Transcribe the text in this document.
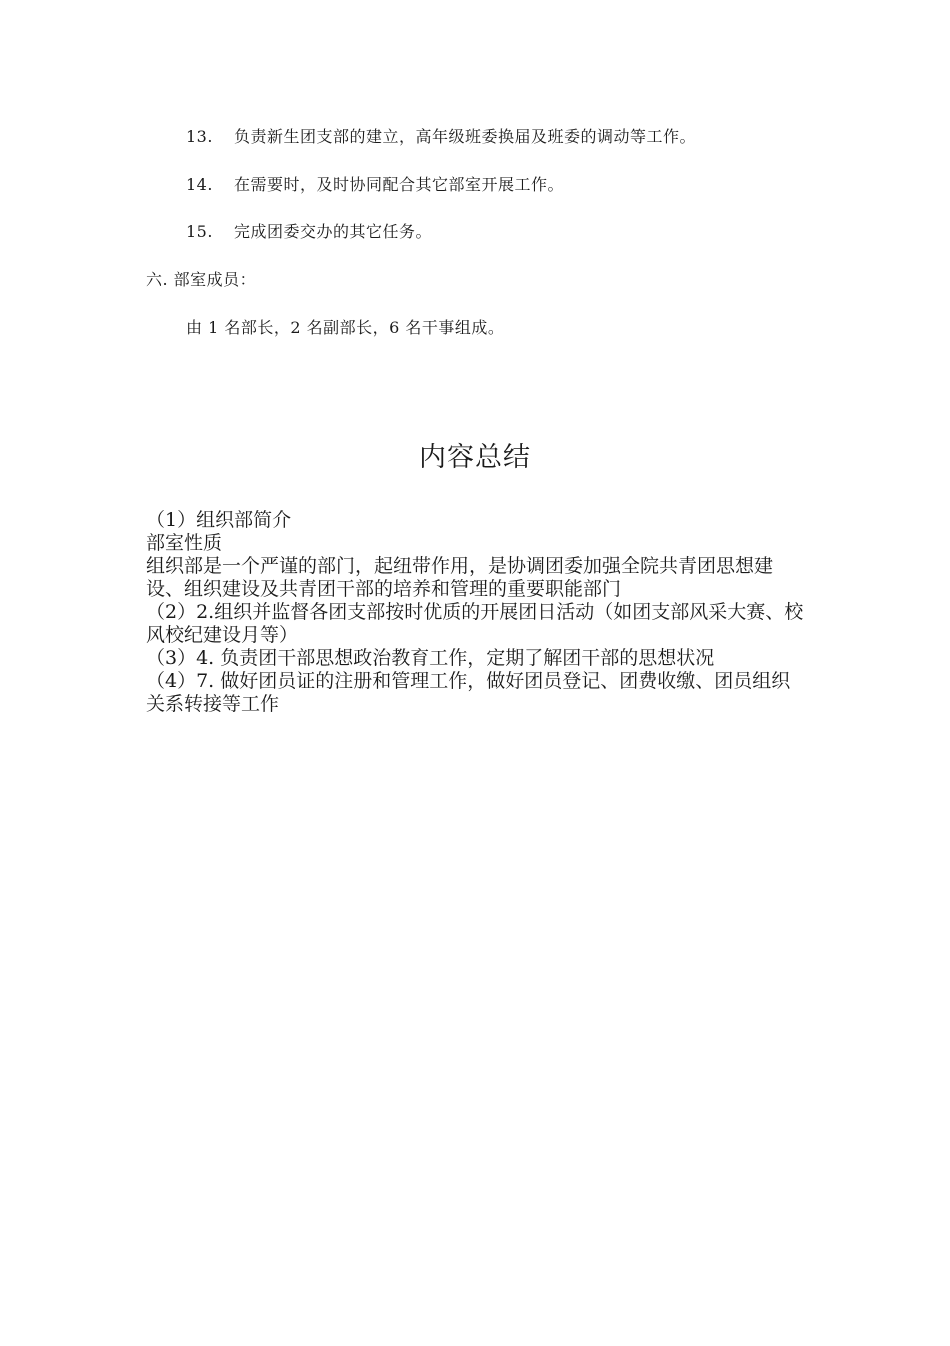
13. 负责新生团支部的建立，高年级班委换届及班委的调动等工作。
14. 在需要时，及时协同配合其它部室开展工作。
15. 完成团委交办的其它任务。
六. 部室成员：
由 1 名部长，2 名副部长，6 名干事组成。
内容总结
（1）组织部简介
部室性质
组织部是一个严谨的部门，起纽带作用，是协调团委加强全院共青团思想建设、组织建设及共青团干部的培养和管理的重要职能部门
（2）2.组织并监督各团支部按时优质的开展团日活动（如团支部风采大赛、校风校纪建设月等）
（3）4. 负责团干部思想政治教育工作，定期了解团干部的思想状况
（4）7. 做好团员证的注册和管理工作，做好团员登记、团费收缴、团员组织关系转接等工作
